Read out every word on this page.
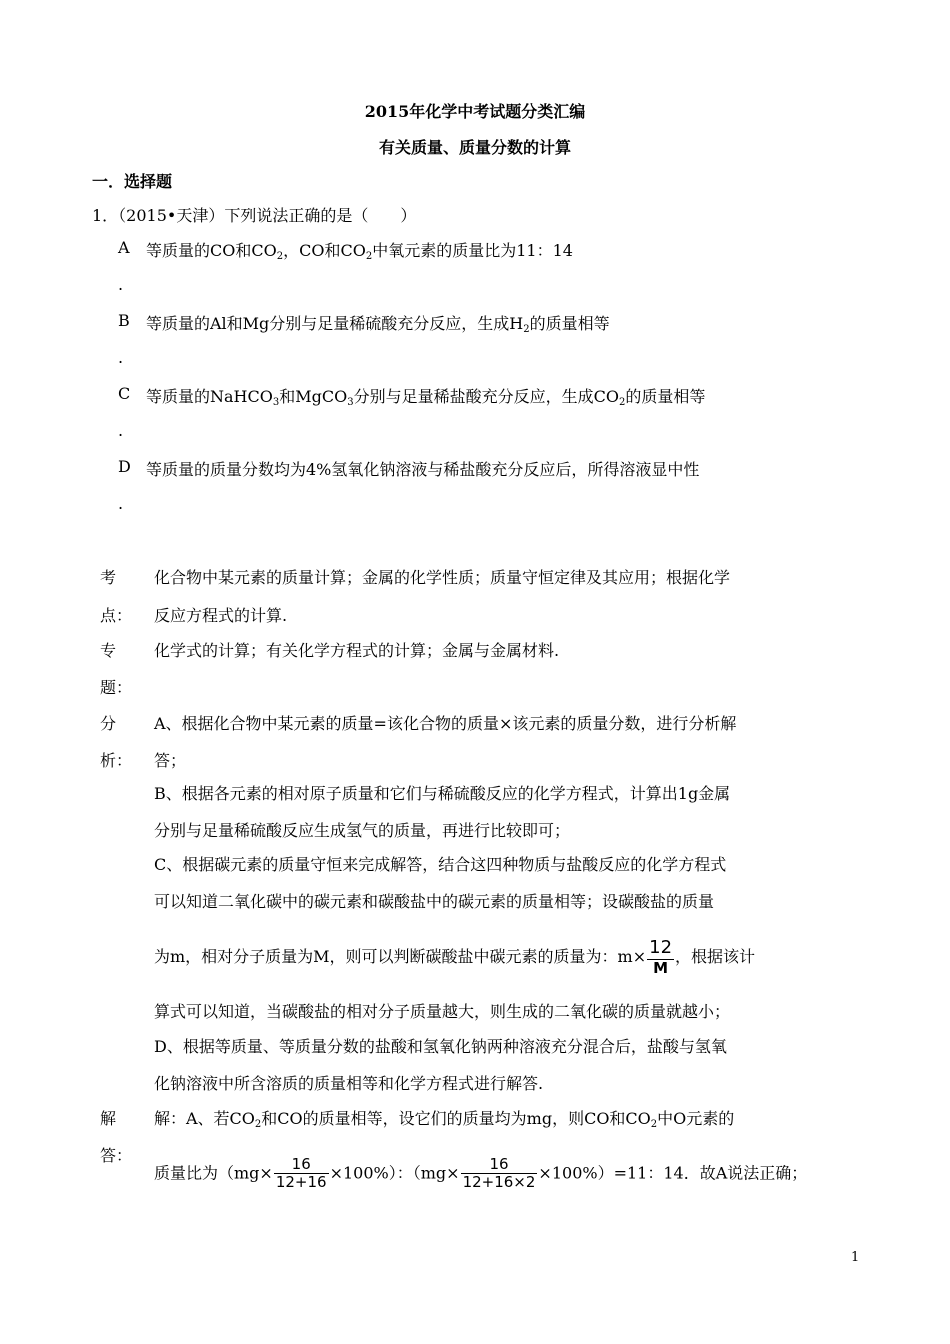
2015年化学中考试题分类汇编
有关质量、质量分数的计算
一．选择题
1．（2015•天津）下列说法正确的是（　　）
A 等质量的CO和$CO_2$，CO和$CO_2$中氧元素的质量比为11：14
.
B 等质量的Al和Mg分别与足量稀硫酸充分反应，生成$H_2$的质量相等
.
C 等质量的NaHCO$_3$和MgCO$_3$分别与足量稀盐酸充分反应，生成$CO_2$的质量相等
.
D 等质量的质量分数均为4%氢氧化钠溶液与稀盐酸充分反应后，所得溶液显中性
.
考
点：
化合物中某元素的质量计算；金属的化学性质；质量守恒定律及其应用；根据化学
反应方程式的计算.
专
题：
化学式的计算；有关化学方程式的计算；金属与金属材料.
分
析：
A、根据化合物中某元素的质量=该化合物的质量×该元素的质量分数，进行分析解
答；
B、根据各元素的相对原子质量和它们与稀硫酸反应的化学方程式，计算出1g金属
分别与足量稀硫酸反应生成氢气的质量，再进行比较即可；
C、根据碳元素的质量守恒来完成解答，结合这四种物质与盐酸反应的化学方程式
可以知道二氧化碳中的碳元素和碳酸盐中的碳元素的质量相等；设碳酸盐的质量
为m，相对分子质量为M，则可以判断碳酸盐中碳元素的质量为：$m\times \frac{12}{M}$ ，根据该计
算式可以知道，当碳酸盐的相对分子质量越大，则生成的二氧化碳的质量就越小；
D、根据等质量、等质量分数的盐酸和氢氧化钠两种溶液充分混合后，盐酸与氢氧
化钠溶液中所含溶质的质量相等和化学方程式进行解答.
解
答：
解：A、若$CO_2$和CO的质量相等，设它们的质量均为mg，则CO和$CO_2$中O元素的
质量比为$(mg\times \frac{16}{12+16} \times 100\%)$：$(mg\times \frac{16}{12+16\times 2} \times 100\%)=11$：14．故A说法正确；
1
